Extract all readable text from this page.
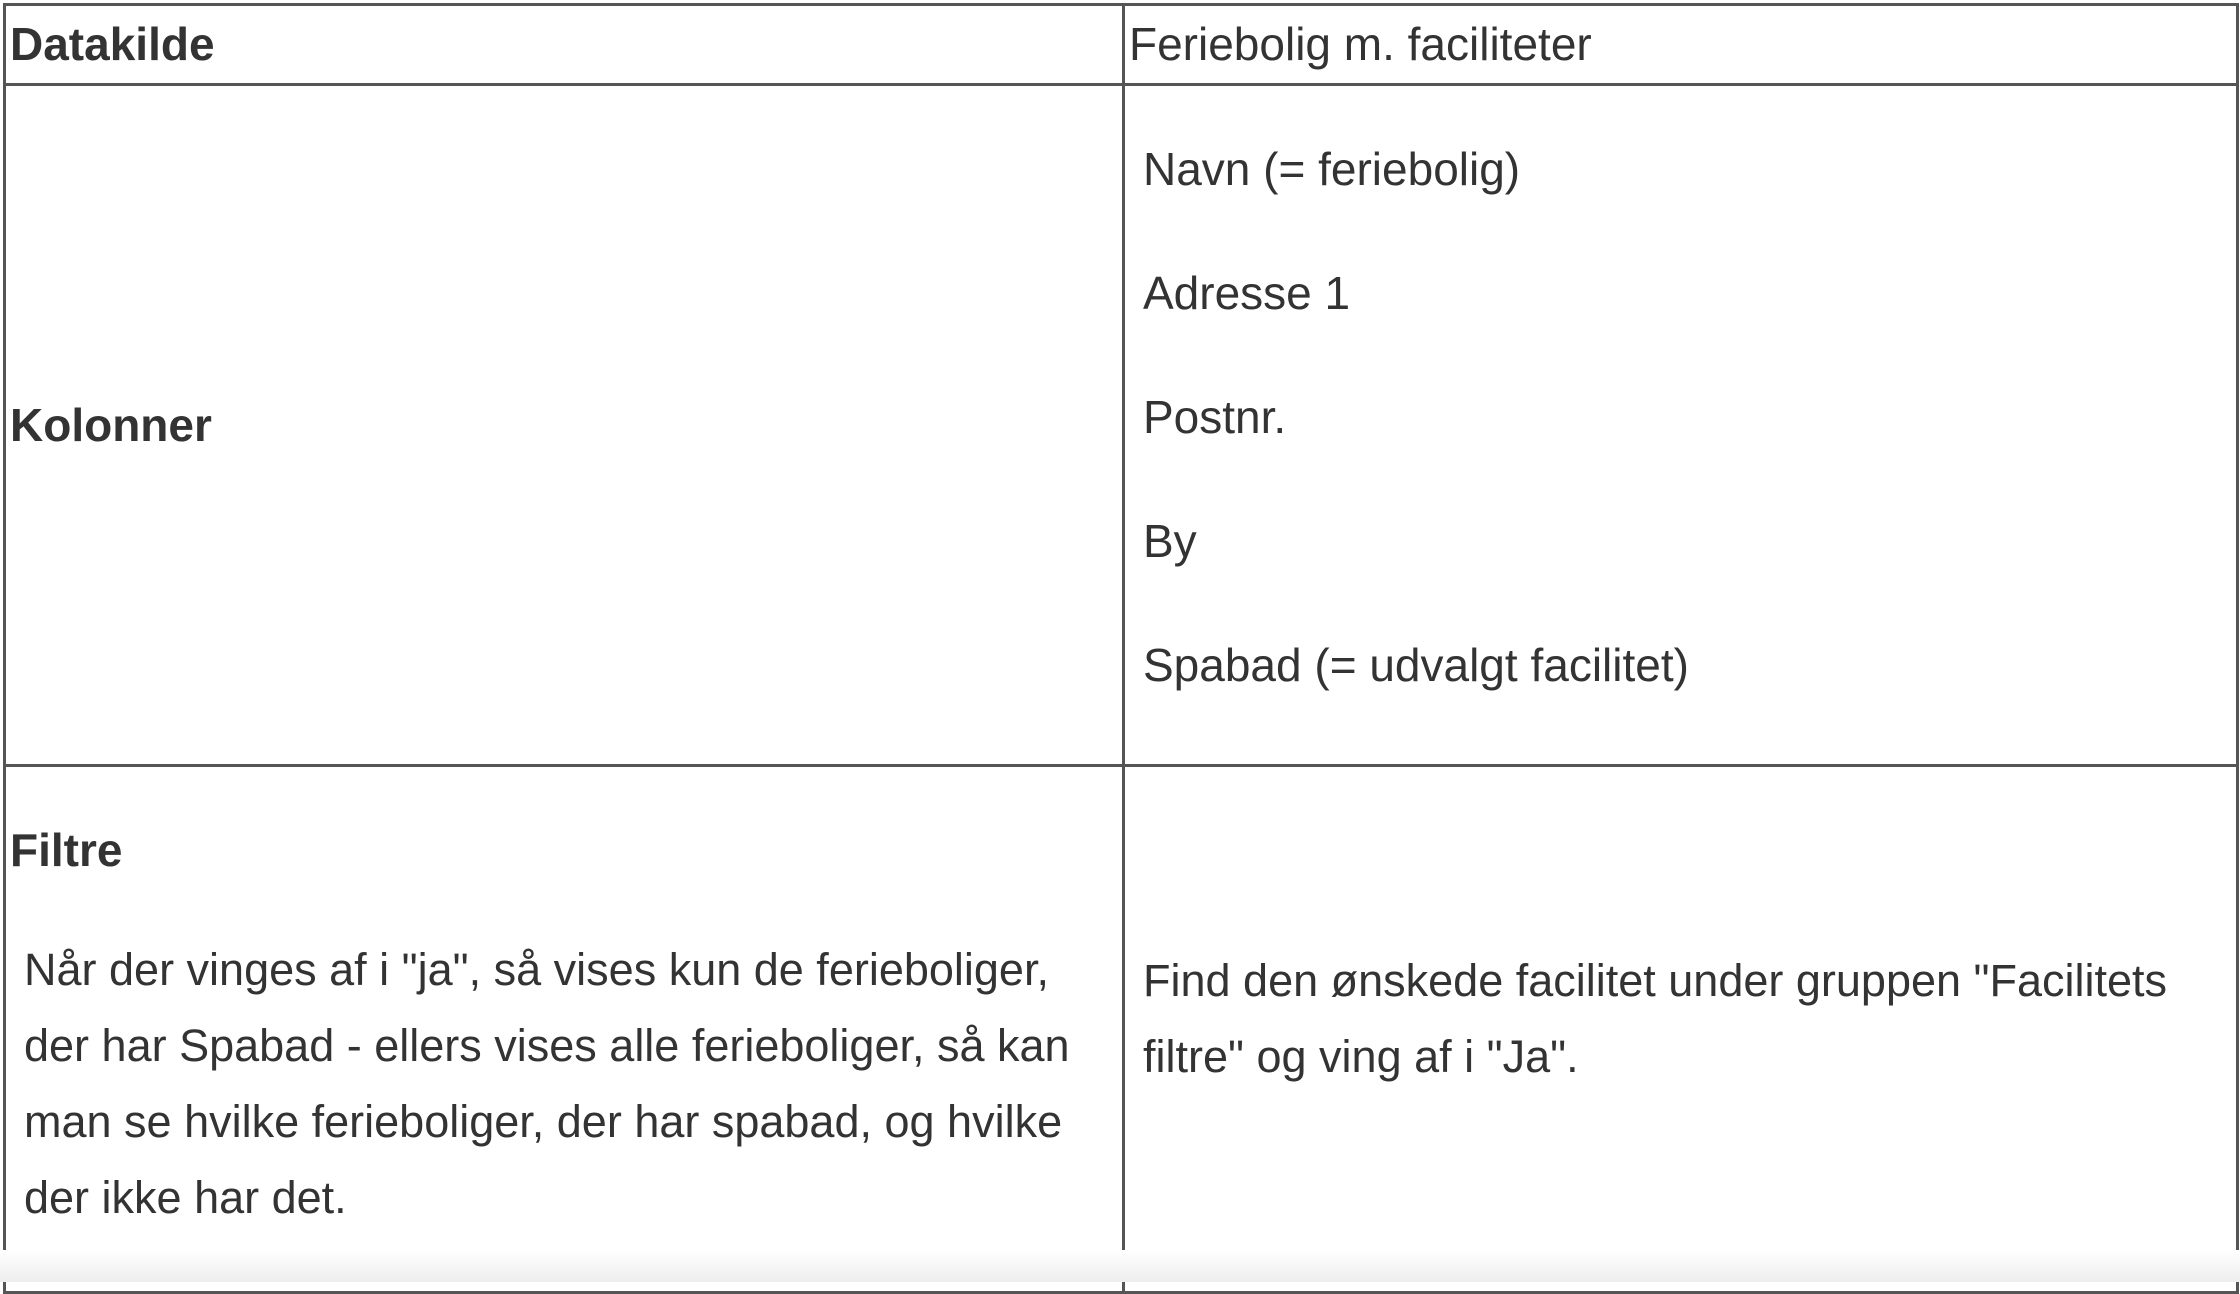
Datakilde	Feriebolig m. faciliteter
Kolonner	Navn (= feriebolig)
Adresse 1
Postnr.
By
Spabad (= udvalgt facilitet)

Filtre
Når der vinges af i "ja", så vises kun de ferieboliger, der har Spabad - ellers vises alle ferieboliger, så kan man se hvilke ferieboliger, der har spabad, og hvilke der ikke har det.	Find den ønskede facilitet under gruppen "Facilitets filtre" og ving af i "Ja".
